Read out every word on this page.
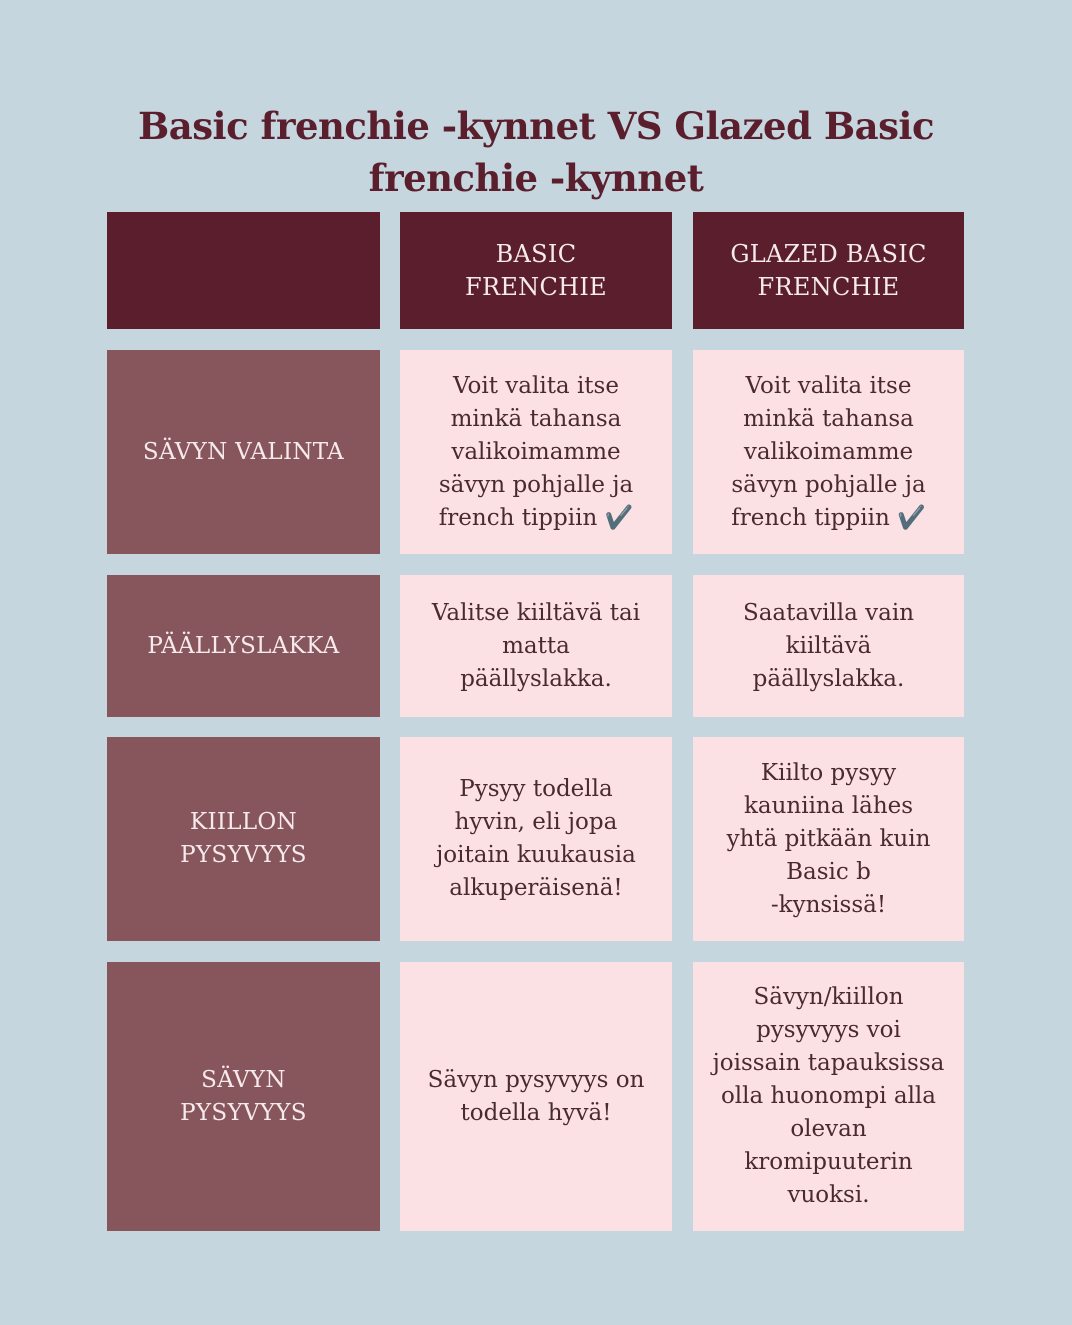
Basic frenchie -kynnet VS Glazed Basic
frenchie -kynnet
BASIC
FRENCHIE
GLAZED BASIC
FRENCHIE
SÄVYN VALINTA
Voit valita itse
minkä tahansa
valikoimamme
sävyn pohjalle ja
french tippiin ✔️
Voit valita itse
minkä tahansa
valikoimamme
sävyn pohjalle ja
french tippiin ✔️
PÄÄLLYSLAKKA
Valitse kiiltävä tai
matta
päällyslakka.
Saatavilla vain
kiiltävä
päällyslakka.
KIILLON
PYSYVYYS
Pysyy todella
hyvin, eli jopa
joitain kuukausia
alkuperäisenä!
Kiilto pysyy
kauniina lähes
yhtä pitkään kuin
Basic b
-kynsissä!
SÄVYN
PYSYVYYS
Sävyn pysyvyys on
todella hyvä!
Sävyn/kiillon
pysyvyys voi
joissain tapauksissa
olla huonompi alla
olevan
kromipuuterin
vuoksi.
